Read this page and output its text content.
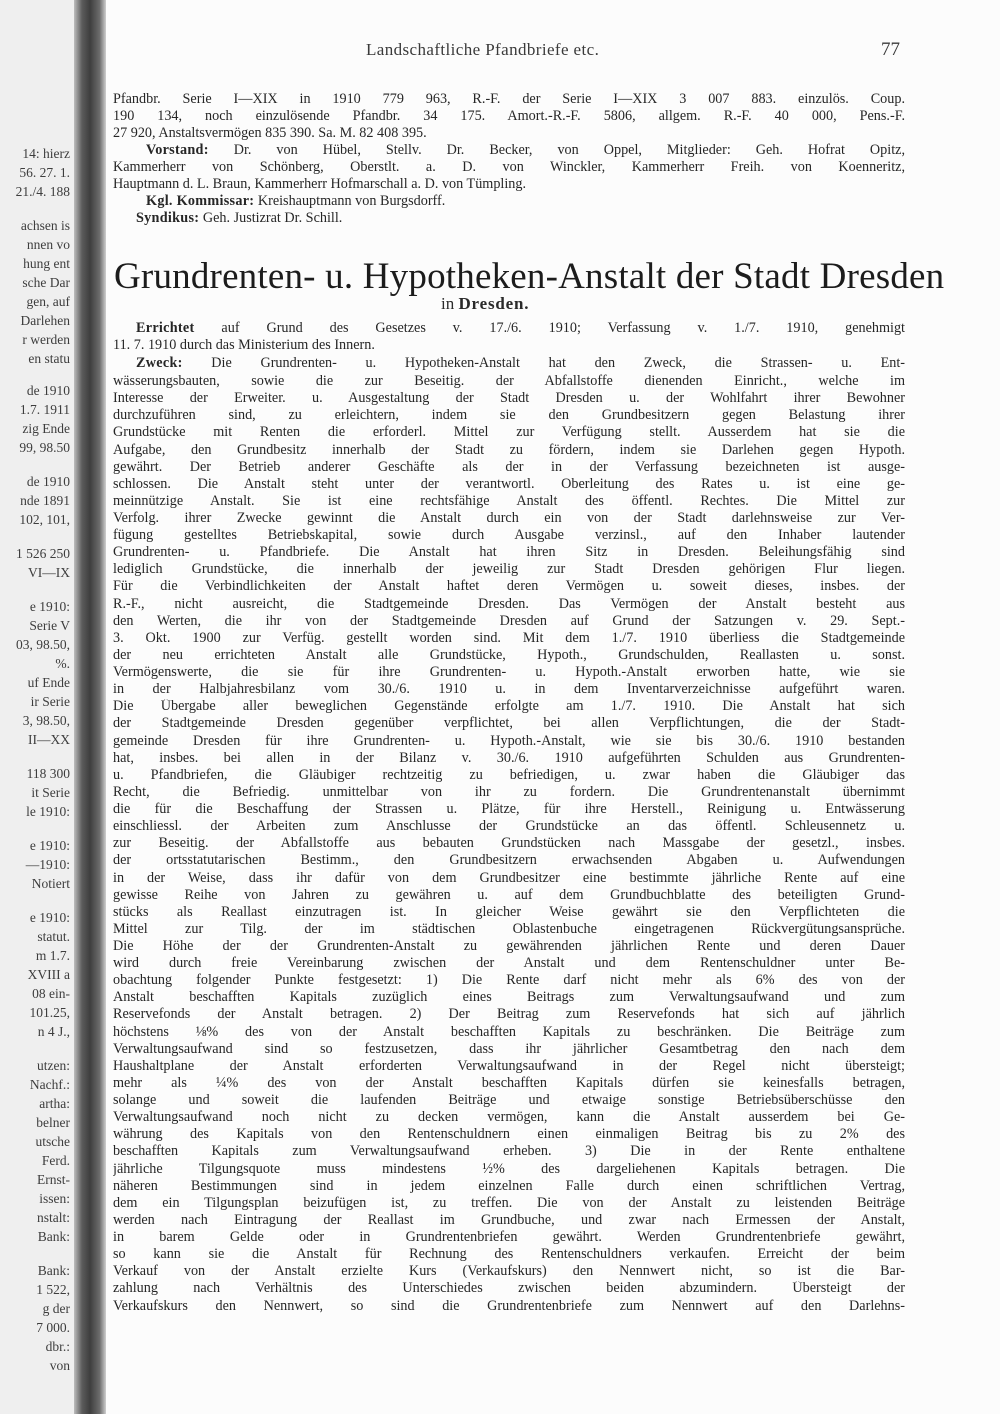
14: hierz
56. 27. 1.
21./4. 188
achsen is
nnen vo
hung ent
sche Dar
gen, auf
Darlehen
r werden
en statu
de 1910
1.7. 1911
zig Ende
99, 98.50
de 1910
nde 1891
102, 101,
1 526 250
VI—IX
e 1910:
Serie V
03, 98.50,
%.
uf Ende
ir Serie
3, 98.50,
II—XX
118 300
it Serie
le 1910:
e 1910:
—1910:
Notiert
e 1910:
statut.
m 1.7.
XVIII a
08 ein-
101.25,
n 4 J.,
utzen:
Nachf.:
artha:
belner
utsche
Ferd.
Ernst-
issen:
nstalt:
Bank:
Bank:
1 522,
g der
7 000.
dbr.:
von
Landschaftliche Pfandbriefe etc.	77
Pfandbr. Serie I—XIX in 1910 779 963, R.-F. der Serie I—XIX 3 007 883. einzulös. Coup.
190 134, noch einzulösende Pfandbr. 34 175. Amort.-R.-F. 5806, allgem. R.-F. 40 000, Pens.-F.
27 920, Anstaltsvermögen 835 390. Sa. M. 82 408 395.
Vorstand: Dr. von Hübel, Stellv. Dr. Becker, von Oppel, Mitglieder: Geh. Hofrat Opitz,
Kammerherr von Schönberg, Oberstlt. a. D. von Winckler, Kammerherr Freih. von Koenneritz,
Hauptmann d. L. Braun, Kammerherr Hofmarschall a. D. von Tümpling.
Kgl. Kommissar: Kreishauptmann von Burgsdorff.
Syndikus: Geh. Justizrat Dr. Schill.
Grundrenten- u. Hypotheken-Anstalt der Stadt Dresden
in Dresden.
Errichtet auf Grund des Gesetzes v. 17./6. 1910; Verfassung v. 1./7. 1910, genehmigt
11. 7. 1910 durch das Ministerium des Innern.
Zweck: Die Grundrenten- u. Hypotheken-Anstalt hat den Zweck, die Strassen- u. Ent-
wässerungsbauten, sowie die zur Beseitig. der Abfallstoffe dienenden Einricht., welche im
Interesse der Erweiter. u. Ausgestaltung der Stadt Dresden u. der Wohlfahrt ihrer Bewohner
durchzuführen sind, zu erleichtern, indem sie den Grundbesitzern gegen Belastung ihrer
Grundstücke mit Renten die erforderl. Mittel zur Verfügung stellt. Ausserdem hat sie die
Aufgabe, den Grundbesitz innerhalb der Stadt zu fördern, indem sie Darlehen gegen Hypoth.
gewährt. Der Betrieb anderer Geschäfte als der in der Verfassung bezeichneten ist ausge-
schlossen. Die Anstalt steht unter der verantwortl. Oberleitung des Rates u. ist eine ge-
meinnützige Anstalt. Sie ist eine rechtsfähige Anstalt des öffentl. Rechtes. Die Mittel zur
Verfolg. ihrer Zwecke gewinnt die Anstalt durch ein von der Stadt darlehnsweise zur Ver-
fügung gestelltes Betriebskapital, sowie durch Ausgabe verzinsl., auf den Inhaber lautender
Grundrenten- u. Pfandbriefe. Die Anstalt hat ihren Sitz in Dresden. Beleihungsfähig sind
lediglich Grundstücke, die innerhalb der jeweilig zur Stadt Dresden gehörigen Flur liegen.
Für die Verbindlichkeiten der Anstalt haftet deren Vermögen u. soweit dieses, insbes. der
R.-F., nicht ausreicht, die Stadtgemeinde Dresden. Das Vermögen der Anstalt besteht aus
den Werten, die ihr von der Stadtgemeinde Dresden auf Grund der Satzungen v. 29. Sept.-
3. Okt. 1900 zur Verfüg. gestellt worden sind. Mit dem 1./7. 1910 überliess die Stadtgemeinde
der neu errichteten Anstalt alle Grundstücke, Hypoth., Grundschulden, Reallasten u. sonst.
Vermögenswerte, die sie für ihre Grundrenten- u. Hypoth.-Anstalt erworben hatte, wie sie
in der Halbjahresbilanz vom 30./6. 1910 u. in dem Inventarverzeichnisse aufgeführt waren.
Die Übergabe aller beweglichen Gegenstände erfolgte am 1./7. 1910. Die Anstalt hat sich
der Stadtgemeinde Dresden gegenüber verpflichtet, bei allen Verpflichtungen, die der Stadt-
gemeinde Dresden für ihre Grundrenten- u. Hypoth.-Anstalt, wie sie bis 30./6. 1910 bestanden
hat, insbes. bei allen in der Bilanz v. 30./6. 1910 aufgeführten Schulden aus Grundrenten-
u. Pfandbriefen, die Gläubiger rechtzeitig zu befriedigen, u. zwar haben die Gläubiger das
Recht, die Befriedig. unmittelbar von ihr zu fordern. Die Grundrentenanstalt übernimmt
die für die Beschaffung der Strassen u. Plätze, für ihre Herstell., Reinigung u. Entwässerung
einschliessl. der Arbeiten zum Anschlusse der Grundstücke an das öffentl. Schleusennetz u.
zur Beseitig. der Abfallstoffe aus bebauten Grundstücken nach Massgabe der gesetzl., insbes.
der ortsstatutarischen Bestimm., den Grundbesitzern erwachsenden Abgaben u. Aufwendungen
in der Weise, dass ihr dafür von dem Grundbesitzer eine bestimmte jährliche Rente auf eine
gewisse Reihe von Jahren zu gewähren u. auf dem Grundbuchblatte des beteiligten Grund-
stücks als Reallast einzutragen ist. In gleicher Weise gewährt sie den Verpflichteten die
Mittel zur Tilg. der im städtischen Oblastenbuche eingetragenen Rückvergütungsansprüche.
Die Höhe der der Grundrenten-Anstalt zu gewährenden jährlichen Rente und deren Dauer
wird durch freie Vereinbarung zwischen der Anstalt und dem Rentenschuldner unter Be-
obachtung folgender Punkte festgesetzt: 1) Die Rente darf nicht mehr als 6% des von der
Anstalt beschafften Kapitals zuzüglich eines Beitrags zum Verwaltungsaufwand und zum
Reservefonds der Anstalt betragen. 2) Der Beitrag zum Reservefonds hat sich auf jährlich
höchstens ⅛% des von der Anstalt beschafften Kapitals zu beschränken. Die Beiträge zum
Verwaltungsaufwand sind so festzusetzen, dass ihr jährlicher Gesamtbetrag den nach dem
Haushaltplane der Anstalt erforderten Verwaltungsaufwand in der Regel nicht übersteigt;
mehr als ¼% des von der Anstalt beschafften Kapitals dürfen sie keinesfalls betragen,
solange und soweit die laufenden Beiträge und etwaige sonstige Betriebsüberschüsse den
Verwaltungsaufwand noch nicht zu decken vermögen, kann die Anstalt ausserdem bei Ge-
währung des Kapitals von den Rentenschuldnern einen einmaligen Beitrag bis zu 2% des
beschafften Kapitals zum Verwaltungsaufwand erheben. 3) Die in der Rente enthaltene
jährliche Tilgungsquote muss mindestens ½% des dargeliehenen Kapitals betragen. Die
näheren Bestimmungen sind in jedem einzelnen Falle durch einen schriftlichen Vertrag,
dem ein Tilgungsplan beizufügen ist, zu treffen. Die von der Anstalt zu leistenden Beiträge
werden nach Eintragung der Reallast im Grundbuche, und zwar nach Ermessen der Anstalt,
in barem Gelde oder in Grundrentenbriefen gewährt. Werden Grundrentenbriefe gewährt,
so kann sie die Anstalt für Rechnung des Rentenschuldners verkaufen. Erreicht der beim
Verkauf von der Anstalt erzielte Kurs (Verkaufskurs) den Nennwert nicht, so ist die Bar-
zahlung nach Verhältnis des Unterschiedes zwischen beiden abzumindern. Übersteigt der
Verkaufskurs den Nennwert, so sind die Grundrentenbriefe zum Nennwert auf den Darlehns-
